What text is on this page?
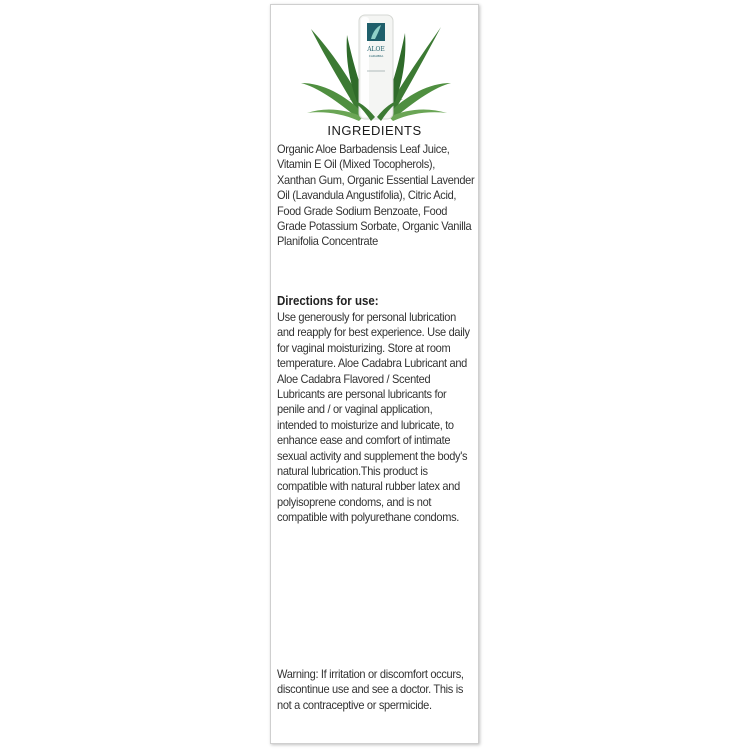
ALOE
CADABRA
INGREDIENTS
Organic Aloe Barbadensis Leaf Juice, Vitamin E Oil (Mixed Tocopherols), Xanthan Gum, Organic Essential Lavender Oil (Lavandula Angustifolia), Citric Acid, Food Grade Sodium Benzoate, Food Grade Potassium Sorbate, Organic Vanilla Planifolia Concentrate
Directions for use:
Use generously for personal lubrication and reapply for best experience. Use daily for vaginal moisturizing. Store at room temperature. Aloe Cadabra Lubricant and Aloe Cadabra Flavored / Scented Lubricants are personal lubricants for penile and / or vaginal application, intended to moisturize and lubricate, to enhance ease and comfort of intimate sexual activity and supplement the body's natural lubrication.This product is compatible with natural rubber latex and polyisoprene condoms, and is not compatible with polyurethane condoms.
Warning: If irritation or discomfort occurs, discontinue use and see a doctor. This is not a contraceptive or spermicide.
